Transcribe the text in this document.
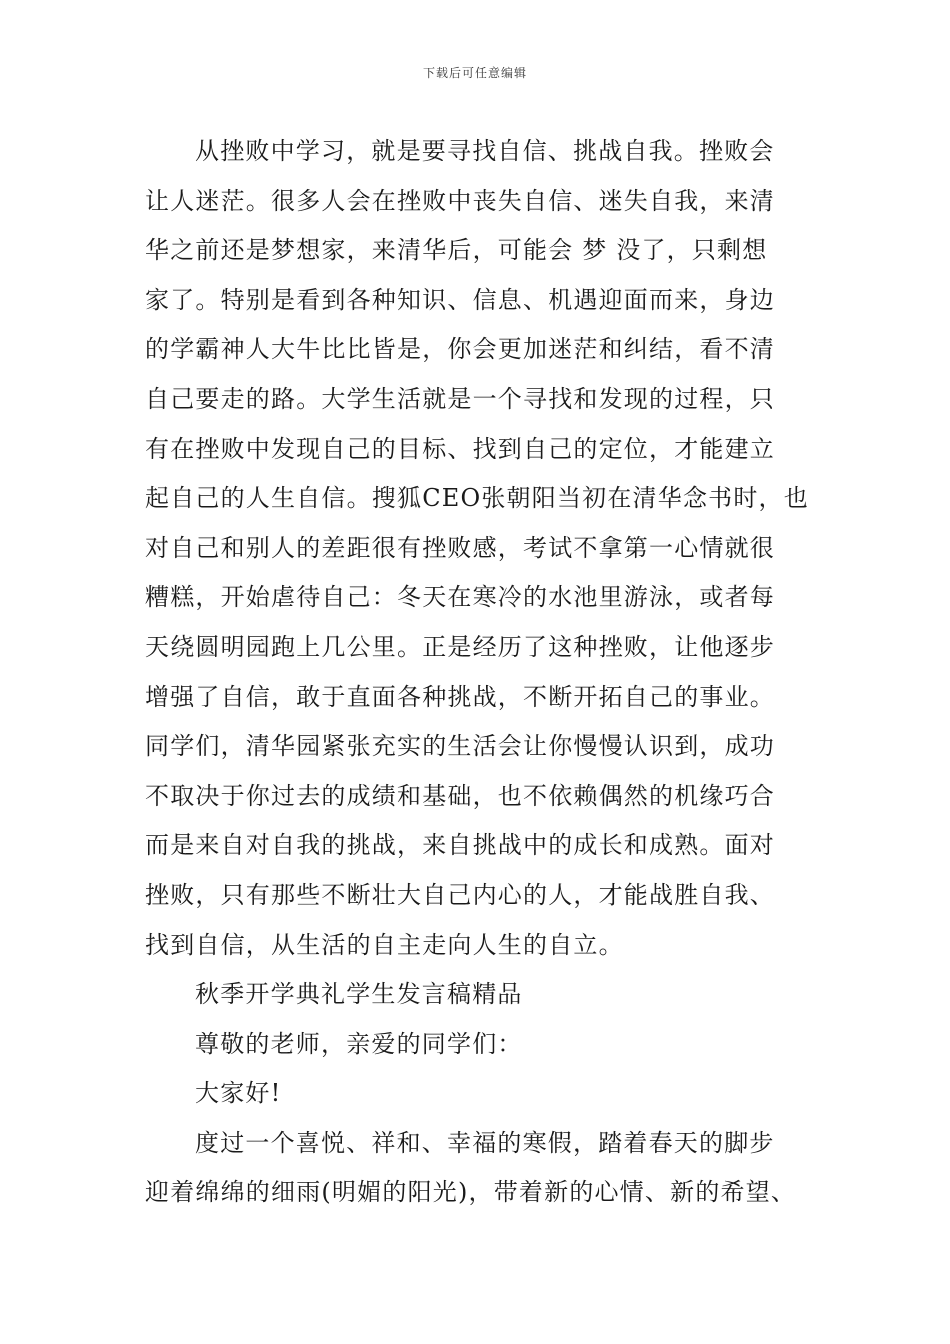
下载后可任意编辑
从挫败中学习，就是要寻找自信、挑战自我。挫败会
让人迷茫。很多人会在挫败中丧失自信、迷失自我，来清
华之前还是梦想家，来清华后，可能会 梦 没了，只剩想
家了。特别是看到各种知识、信息、机遇迎面而来，身边
的学霸神人大牛比比皆是，你会更加迷茫和纠结，看不清
自己要走的路。大学生活就是一个寻找和发现的过程，只
有在挫败中发现自己的目标、找到自己的定位，才能建立
起自己的人生自信。搜狐CEO张朝阳当初在清华念书时，也
对自己和别人的差距很有挫败感，考试不拿第一心情就很
糟糕，开始虐待自己：冬天在寒冷的水池里游泳，或者每
天绕圆明园跑上几公里。正是经历了这种挫败，让他逐步
增强了自信，敢于直面各种挑战，不断开拓自己的事业。
同学们，清华园紧张充实的生活会让你慢慢认识到，成功
不取决于你过去的成绩和基础，也不依赖偶然的机缘巧合
而是来自对自我的挑战，来自挑战中的成长和成熟。面对
挫败，只有那些不断壮大自己内心的人，才能战胜自我、
找到自信，从生活的自主走向人生的自立。
秋季开学典礼学生发言稿精品
尊敬的老师，亲爱的同学们：
大家好!
度过一个喜悦、祥和、幸福的寒假，踏着春天的脚步
迎着绵绵的细雨(明媚的阳光)，带着新的心情、新的希望、
